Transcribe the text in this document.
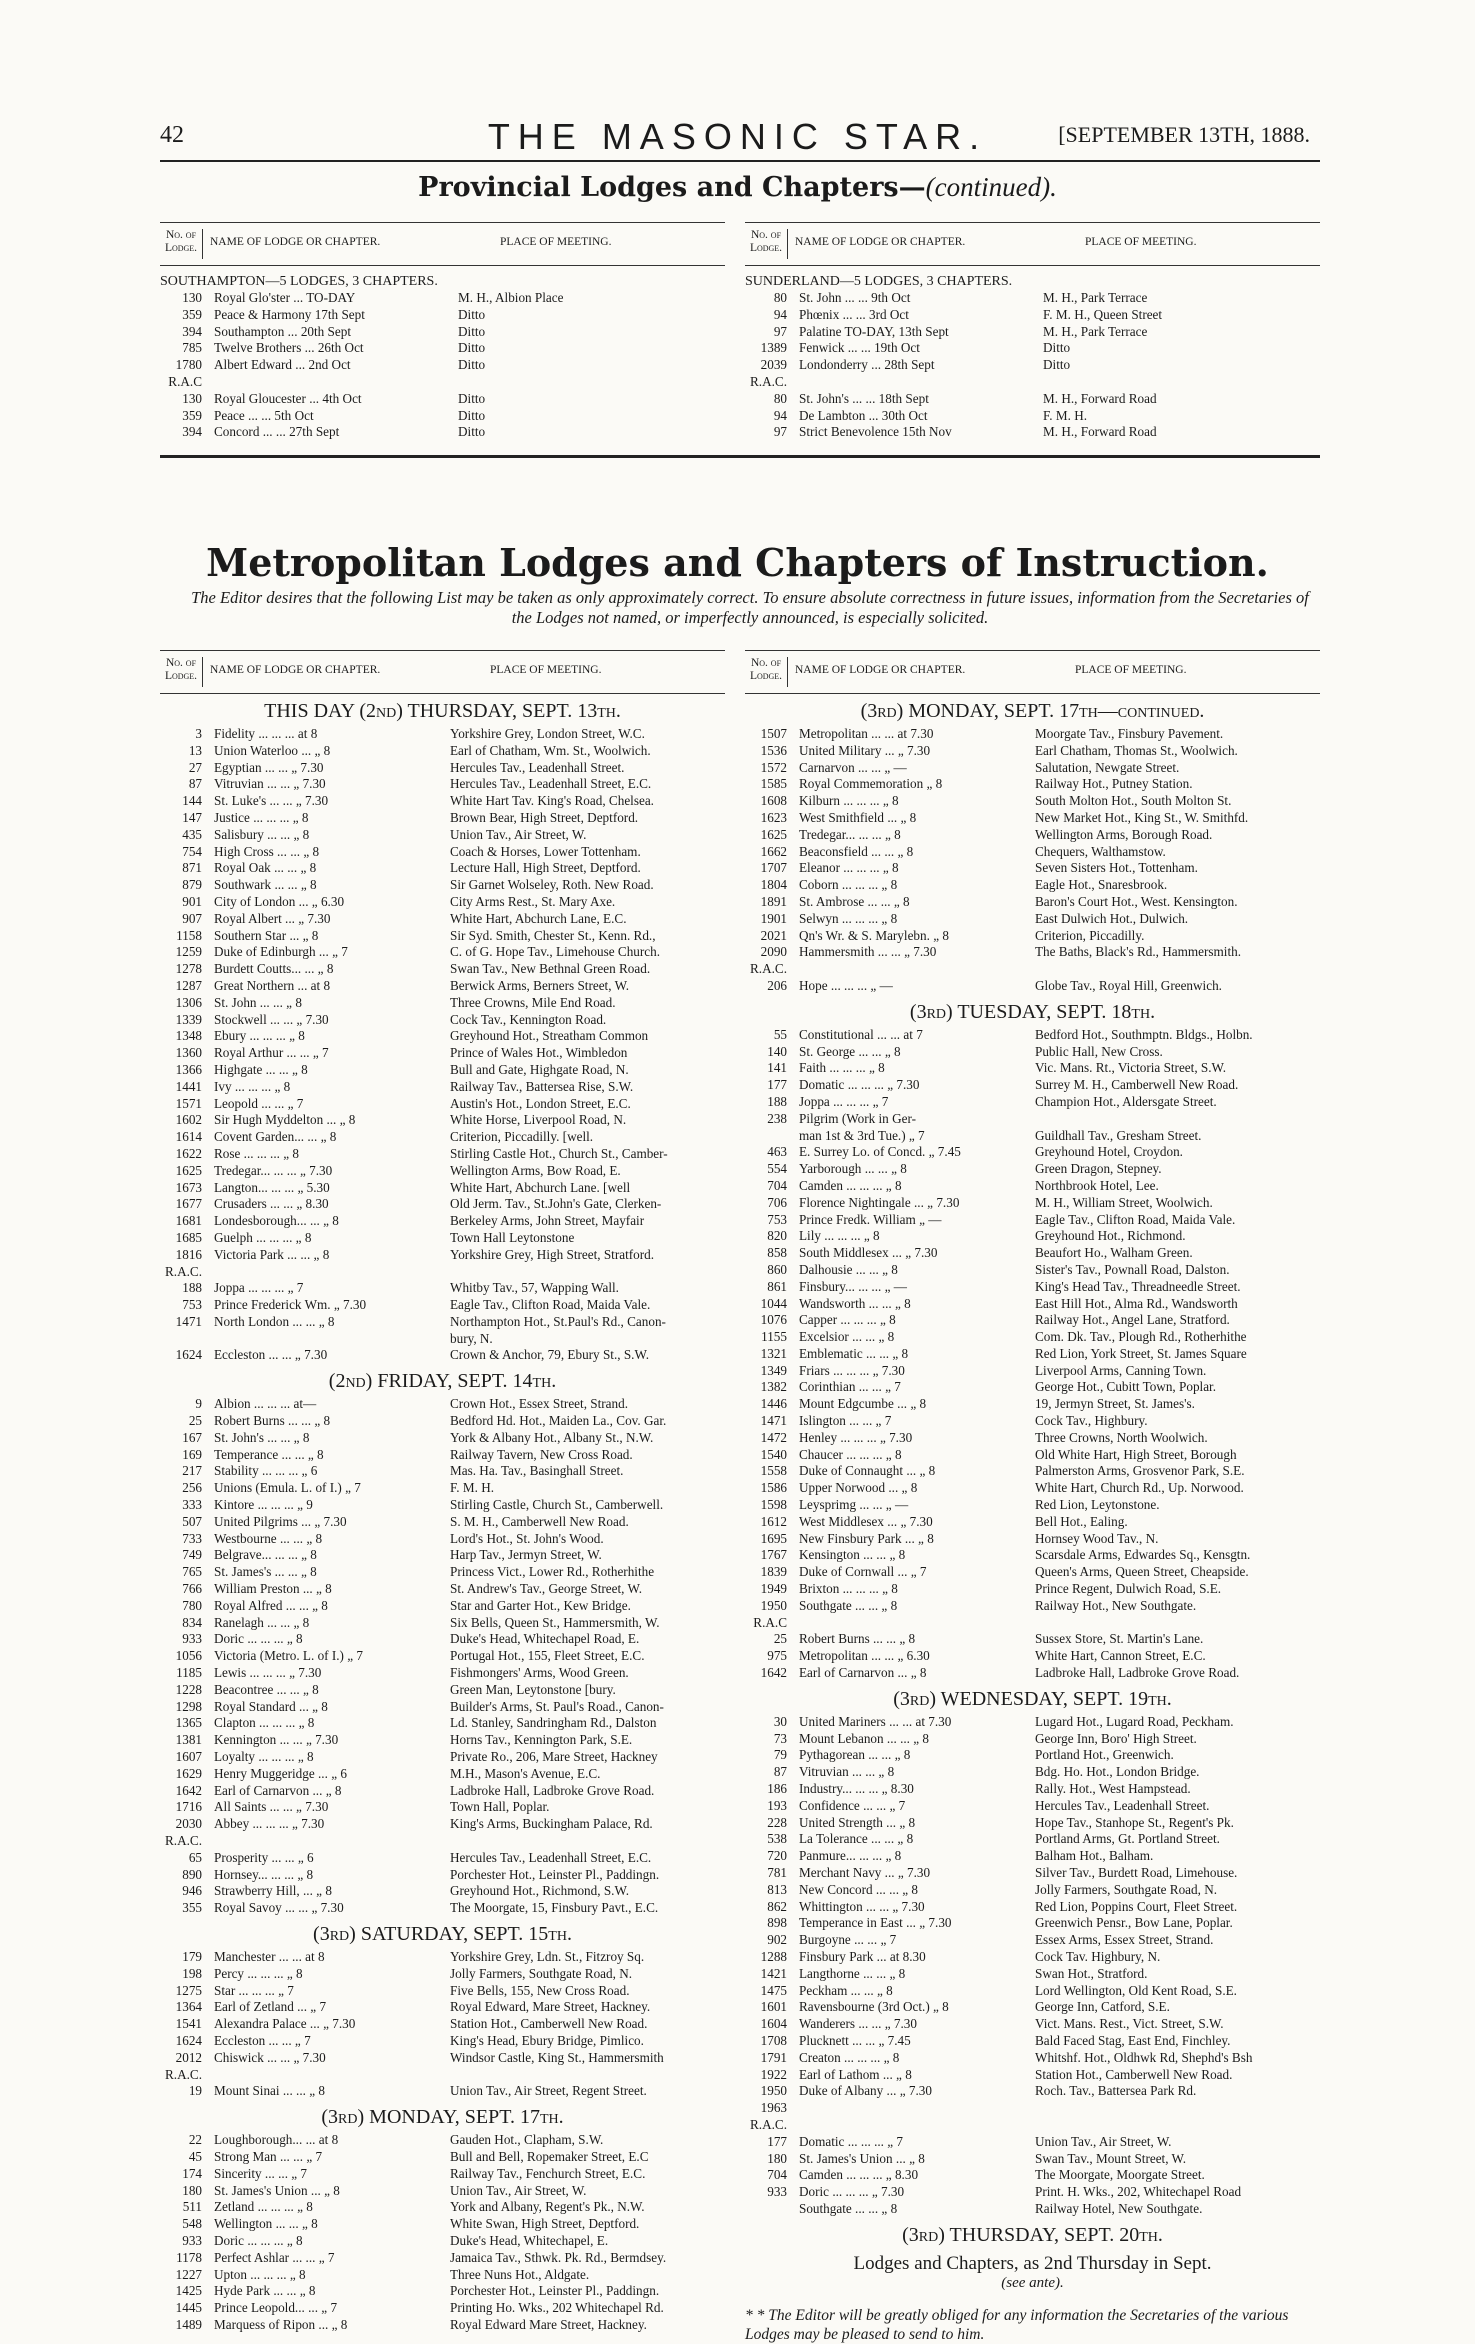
42	THE MASONIC STAR.	[SEPTEMBER 13TH, 1888.
Provincial Lodges and Chapters—(continued).
No. of Lodge.	NAME OF LODGE OR CHAPTER.	PLACE OF MEETING.
SOUTHAMPTON—5 LODGES, 3 CHAPTERS.
130 Royal Glo'ster ... TO-DAY	M. H., Albion Place
359 Peace & Harmony 17th Sept	Ditto
394 Southampton ... 20th Sept	Ditto
785 Twelve Brothers ... 26th Oct	Ditto
1780 Albert Edward ... 2nd Oct	Ditto
R.A.C
130 Royal Gloucester ... 4th Oct	Ditto
359 Peace ... ... 5th Oct	Ditto
394 Concord ... ... 27th Sept	Ditto
No. of Lodge.	NAME OF LODGE OR CHAPTER.	PLACE OF MEETING.
SUNDERLAND—5 LODGES, 3 CHAPTERS.
80 St. John ... ... 9th Oct	M. H., Park Terrace
94 Phœnix ... ... 3rd Oct	F. M. H., Queen Street
97 Palatine TO-DAY, 13th Sept	M. H., Park Terrace
1389 Fenwick ... ... 19th Oct	Ditto
2039 Londonderry ... 28th Sept	Ditto
R.A.C.
80 St. John's ... ... 18th Sept	M. H., Forward Road
94 De Lambton ... 30th Oct	F. M. H.
97 Strict Benevolence 15th Nov	M. H., Forward Road
Metropolitan Lodges and Chapters of Instruction.
The Editor desires that the following List may be taken as only approximately correct. To ensure absolute correctness in future issues, information from the Secretaries of the Lodges not named, or imperfectly announced, is especially solicited.
No. of Lodge.	NAME OF LODGE OR CHAPTER.	PLACE OF MEETING.
THIS DAY (2nd) THURSDAY, SEPT. 13th.
3 Fidelity ... ... ... at 8	Yorkshire Grey, London Street, W.C.
13 Union Waterloo ... „ 8	Earl of Chatham, Wm. St., Woolwich.
27 Egyptian ... ... „ 7.30	Hercules Tav., Leadenhall Street.
87 Vitruvian ... ... „ 7.30	Hercules Tav., Leadenhall Street, E.C.
144 St. Luke's ... ... „ 7.30	White Hart Tav. King's Road, Chelsea.
147 Justice ... ... ... „ 8	Brown Bear, High Street, Deptford.
435 Salisbury ... ... „ 8	Union Tav., Air Street, W.
754 High Cross ... ... „ 8	Coach & Horses, Lower Tottenham.
871 Royal Oak ... ... „ 8	Lecture Hall, High Street, Deptford.
879 Southwark ... ... „ 8	Sir Garnet Wolseley, Roth. New Road.
901 City of London ... „ 6.30	City Arms Rest., St. Mary Axe.
907 Royal Albert ... „ 7.30	White Hart, Abchurch Lane, E.C.
1158 Southern Star ... „ 8	Sir Syd. Smith, Chester St., Kenn. Rd.,
1259 Duke of Edinburgh ... „ 7	C. of G. Hope Tav., Limehouse Church.
1278 Burdett Coutts... ... „ 8	Swan Tav., New Bethnal Green Road.
1287 Great Northern ... at 8	Berwick Arms, Berners Street, W.
1306 St. John ... ... „ 8	Three Crowns, Mile End Road.
1339 Stockwell ... ... „ 7.30	Cock Tav., Kennington Road.
1348 Ebury ... ... ... „ 8	Greyhound Hot., Streatham Common
1360 Royal Arthur ... ... „ 7	Prince of Wales Hot., Wimbledon
1366 Highgate ... ... „ 8	Bull and Gate, Highgate Road, N.
1441 Ivy ... ... ... „ 8	Railway Tav., Battersea Rise, S.W.
1571 Leopold ... ... „ 7	Austin's Hot., London Street, E.C.
1602 Sir Hugh Myddelton ... „ 8	White Horse, Liverpool Road, N.
1614 Covent Garden... ... „ 8	Criterion, Piccadilly. [well.
1622 Rose ... ... ... „ 8	Stirling Castle Hot., Church St., Camber-
1625 Tredegar... ... ... „ 7.30	Wellington Arms, Bow Road, E.
1673 Langton... ... ... „ 5.30	White Hart, Abchurch Lane. [well
1677 Crusaders ... ... „ 8.30	Old Jerm. Tav., St.John's Gate, Clerken-
1681 Londesborough... ... „ 8	Berkeley Arms, John Street, Mayfair
1685 Guelph ... ... ... „ 8	Town Hall Leytonstone
1816 Victoria Park ... ... „ 8	Yorkshire Grey, High Street, Stratford.
R.A.C.
188 Joppa ... ... ... „ 7	Whitby Tav., 57, Wapping Wall.
753 Prince Frederick Wm. „ 7.30	Eagle Tav., Clifton Road, Maida Vale.
1471 North London ... ... „ 8	Northampton Hot., St.Paul's Rd., Canon-
bury, N.
1624 Eccleston ... ... „ 7.30	Crown & Anchor, 79, Ebury St., S.W.
(2nd) FRIDAY, SEPT. 14th.
9 Albion ... ... ... at—	Crown Hot., Essex Street, Strand.
25 Robert Burns ... ... „ 8	Bedford Hd. Hot., Maiden La., Cov. Gar.
167 St. John's ... ... „ 8	York & Albany Hot., Albany St., N.W.
169 Temperance ... ... „ 8	Railway Tavern, New Cross Road.
217 Stability ... ... ... „ 6	Mas. Ha. Tav., Basinghall Street.
256 Unions (Emula. L. of I.) „ 7	F. M. H.
333 Kintore ... ... ... „ 9	Stirling Castle, Church St., Camberwell.
507 United Pilgrims ... „ 7.30	S. M. H., Camberwell New Road.
733 Westbourne ... ... „ 8	Lord's Hot., St. John's Wood.
749 Belgrave... ... ... „ 8	Harp Tav., Jermyn Street, W.
765 St. James's ... ... „ 8	Princess Vict., Lower Rd., Rotherhithe
766 William Preston ... „ 8	St. Andrew's Tav., George Street, W.
780 Royal Alfred ... ... „ 8	Star and Garter Hot., Kew Bridge.
834 Ranelagh ... ... „ 8	Six Bells, Queen St., Hammersmith, W.
933 Doric ... ... ... „ 8	Duke's Head, Whitechapel Road, E.
1056 Victoria (Metro. L. of I.) „ 7	Portugal Hot., 155, Fleet Street, E.C.
1185 Lewis ... ... ... „ 7.30	Fishmongers' Arms, Wood Green.
1228 Beacontree ... ... „ 8	Green Man, Leytonstone [bury.
1298 Royal Standard ... „ 8	Builder's Arms, St. Paul's Road., Canon-
1365 Clapton ... ... ... „ 8	Ld. Stanley, Sandringham Rd., Dalston
1381 Kennington ... ... „ 7.30	Horns Tav., Kennington Park, S.E.
1607 Loyalty ... ... ... „ 8	Private Ro., 206, Mare Street, Hackney
1629 Henry Muggeridge ... „ 6	M.H., Mason's Avenue, E.C.
1642 Earl of Carnarvon ... „ 8	Ladbroke Hall, Ladbroke Grove Road.
1716 All Saints ... ... „ 7.30	Town Hall, Poplar.
2030 Abbey ... ... ... „ 7.30	King's Arms, Buckingham Palace, Rd.
R.A.C.
65 Prosperity ... ... „ 6	Hercules Tav., Leadenhall Street, E.C.
890 Hornsey... ... ... „ 8	Porchester Hot., Leinster Pl., Paddingn.
946 Strawberry Hill, ... „ 8	Greyhound Hot., Richmond, S.W.
355 Royal Savoy ... ... „ 7.30	The Moorgate, 15, Finsbury Pavt., E.C.
(3rd) SATURDAY, SEPT. 15th.
179 Manchester ... ... at 8	Yorkshire Grey, Ldn. St., Fitzroy Sq.
198 Percy ... ... ... „ 8	Jolly Farmers, Southgate Road, N.
1275 Star ... ... ... „ 7	Five Bells, 155, New Cross Road.
1364 Earl of Zetland ... „ 7	Royal Edward, Mare Street, Hackney.
1541 Alexandra Palace ... „ 7.30	Station Hot., Camberwell New Road.
1624 Eccleston ... ... „ 7	King's Head, Ebury Bridge, Pimlico.
2012 Chiswick ... ... „ 7.30	Windsor Castle, King St., Hammersmith
R.A.C.
19 Mount Sinai ... ... „ 8	Union Tav., Air Street, Regent Street.
(3rd) MONDAY, SEPT. 17th.
22 Loughborough... ... at 8	Gauden Hot., Clapham, S.W.
45 Strong Man ... ... „ 7	Bull and Bell, Ropemaker Street, E.C
174 Sincerity ... ... „ 7	Railway Tav., Fenchurch Street, E.C.
180 St. James's Union ... „ 8	Union Tav., Air Street, W.
511 Zetland ... ... ... „ 8	York and Albany, Regent's Pk., N.W.
548 Wellington ... ... „ 8	White Swan, High Street, Deptford.
933 Doric ... ... ... „ 8	Duke's Head, Whitechapel, E.
1178 Perfect Ashlar ... ... „ 7	Jamaica Tav., Sthwk. Pk. Rd., Bermdsey.
1227 Upton ... ... ... „ 8	Three Nuns Hot., Aldgate.
1425 Hyde Park ... ... „ 8	Porchester Hot., Leinster Pl., Paddingn.
1445 Prince Leopold... ... „ 7	Printing Ho. Wks., 202 Whitechapel Rd.
1489 Marquess of Ripon ... „ 8	Royal Edward Mare Street, Hackney.
No. of Lodge.	NAME OF LODGE OR CHAPTER.	PLACE OF MEETING.
(3rd) MONDAY, SEPT. 17th—continued.
1507 Metropolitan ... ... at 7.30	Moorgate Tav., Finsbury Pavement.
1536 United Military ... „ 7.30	Earl Chatham, Thomas St., Woolwich.
1572 Carnarvon ... ... „ —	Salutation, Newgate Street.
1585 Royal Commemoration „ 8	Railway Hot., Putney Station.
1608 Kilburn ... ... ... „ 8	South Molton Hot., South Molton St.
1623 West Smithfield ... „ 8	New Market Hot., King St., W. Smithfd.
1625 Tredegar... ... ... „ 8	Wellington Arms, Borough Road.
1662 Beaconsfield ... ... „ 8	Chequers, Walthamstow.
1707 Eleanor ... ... ... „ 8	Seven Sisters Hot., Tottenham.
1804 Coborn ... ... ... „ 8	Eagle Hot., Snaresbrook.
1891 St. Ambrose ... ... „ 8	Baron's Court Hot., West. Kensington.
1901 Selwyn ... ... ... „ 8	East Dulwich Hot., Dulwich.
2021 Qn's Wr. & S. Marylebn. „ 8	Criterion, Piccadilly.
2090 Hammersmith ... ... „ 7.30	The Baths, Black's Rd., Hammersmith.
R.A.C.
206 Hope ... ... ... „ —	Globe Tav., Royal Hill, Greenwich.
(3rd) TUESDAY, SEPT. 18th.
55 Constitutional ... ... at 7	Bedford Hot., Southmptn. Bldgs., Holbn.
140 St. George ... ... „ 8	Public Hall, New Cross.
141 Faith ... ... ... „ 8	Vic. Mans. Rt., Victoria Street, S.W.
177 Domatic ... ... ... „ 7.30	Surrey M. H., Camberwell New Road.
188 Joppa ... ... ... „ 7	Champion Hot., Aldersgate Street.
238 Pilgrim (Work in Ger-
man 1st & 3rd Tue.) „ 7	Guildhall Tav., Gresham Street.
463 E. Surrey Lo. of Concd. „ 7.45	Greyhound Hotel, Croydon.
554 Yarborough ... ... „ 8	Green Dragon, Stepney.
704 Camden ... ... ... „ 8	Northbrook Hotel, Lee.
706 Florence Nightingale ... „ 7.30	M. H., William Street, Woolwich.
753 Prince Fredk. William „ —	Eagle Tav., Clifton Road, Maida Vale.
820 Lily ... ... ... „ 8	Greyhound Hot., Richmond.
858 South Middlesex ... „ 7.30	Beaufort Ho., Walham Green.
860 Dalhousie ... ... „ 8	Sister's Tav., Pownall Road, Dalston.
861 Finsbury... ... ... „ —	King's Head Tav., Threadneedle Street.
1044 Wandsworth ... ... „ 8	East Hill Hot., Alma Rd., Wandsworth
1076 Capper ... ... ... „ 8	Railway Hot., Angel Lane, Stratford.
1155 Excelsior ... ... „ 8	Com. Dk. Tav., Plough Rd., Rotherhithe
1321 Emblematic ... ... „ 8	Red Lion, York Street, St. James Square
1349 Friars ... ... ... „ 7.30	Liverpool Arms, Canning Town.
1382 Corinthian ... ... „ 7	George Hot., Cubitt Town, Poplar.
1446 Mount Edgcumbe ... „ 8	19, Jermyn Street, St. James's.
1471 Islington ... ... „ 7	Cock Tav., Highbury.
1472 Henley ... ... ... „ 7.30	Three Crowns, North Woolwich.
1540 Chaucer ... ... ... „ 8	Old White Hart, High Street, Borough
1558 Duke of Connaught ... „ 8	Palmerston Arms, Grosvenor Park, S.E.
1586 Upper Norwood ... „ 8	White Hart, Church Rd., Up. Norwood.
1598 Leysprimg ... ... „ —	Red Lion, Leytonstone.
1612 West Middlesex ... „ 7.30	Bell Hot., Ealing.
1695 New Finsbury Park ... „ 8	Hornsey Wood Tav., N.
1767 Kensington ... ... „ 8	Scarsdale Arms, Edwardes Sq., Kensgtn.
1839 Duke of Cornwall ... „ 7	Queen's Arms, Queen Street, Cheapside.
1949 Brixton ... ... ... „ 8	Prince Regent, Dulwich Road, S.E.
1950 Southgate ... ... „ 8	Railway Hot., New Southgate.
R.A.C
25 Robert Burns ... ... „ 8	Sussex Store, St. Martin's Lane.
975 Metropolitan ... ... „ 6.30	White Hart, Cannon Street, E.C.
1642 Earl of Carnarvon ... „ 8	Ladbroke Hall, Ladbroke Grove Road.
(3rd) WEDNESDAY, SEPT. 19th.
30 United Mariners ... ... at 7.30	Lugard Hot., Lugard Road, Peckham.
73 Mount Lebanon ... ... „ 8	George Inn, Boro' High Street.
79 Pythagorean ... ... „ 8	Portland Hot., Greenwich.
87 Vitruvian ... ... „ 8	Bdg. Ho. Hot., London Bridge.
186 Industry... ... ... „ 8.30	Rally. Hot., West Hampstead.
193 Confidence ... ... „ 7	Hercules Tav., Leadenhall Street.
228 United Strength ... „ 8	Hope Tav., Stanhope St., Regent's Pk.
538 La Tolerance ... ... „ 8	Portland Arms, Gt. Portland Street.
720 Panmure... ... ... „ 8	Balham Hot., Balham.
781 Merchant Navy ... „ 7.30	Silver Tav., Burdett Road, Limehouse.
813 New Concord ... ... „ 8	Jolly Farmers, Southgate Road, N.
862 Whittington ... ... „ 7.30	Red Lion, Poppins Court, Fleet Street.
898 Temperance in East ... „ 7.30	Greenwich Pensr., Bow Lane, Poplar.
902 Burgoyne ... ... „ 7	Essex Arms, Essex Street, Strand.
1288 Finsbury Park ... at 8.30	Cock Tav. Highbury, N.
1421 Langthorne ... ... „ 8	Swan Hot., Stratford.
1475 Peckham ... ... „ 8	Lord Wellington, Old Kent Road, S.E.
1601 Ravensbourne (3rd Oct.) „ 8	George Inn, Catford, S.E.
1604 Wanderers ... ... „ 7.30	Vict. Mans. Rest., Vict. Street, S.W.
1708 Plucknett ... ... „ 7.45	Bald Faced Stag, East End, Finchley.
1791 Creaton ... ... ... „ 8	Whitshf. Hot., Oldhwk Rd, Shephd's Bsh
1922 Earl of Lathom ... „ 8	Station Hot., Camberwell New Road.
1950 Duke of Albany ... „ 7.30	Roch. Tav., Battersea Park Rd.
1963
R.A.C.
177 Domatic ... ... ... „ 7	Union Tav., Air Street, W.
180 St. James's Union ... „ 8	Swan Tav., Mount Street, W.
704 Camden ... ... ... „ 8.30	The Moorgate, Moorgate Street.
933 Doric ... ... ... „ 7.30	Print. H. Wks., 202, Whitechapel Road
Southgate ... ... „ 8	Railway Hotel, New Southgate.
(3rd) THURSDAY, SEPT. 20th.
Lodges and Chapters, as 2nd Thursday in Sept.
(see ante).
* * The Editor will be greatly obliged for any information the Secretaries of the various Lodges may be pleased to send to him.
